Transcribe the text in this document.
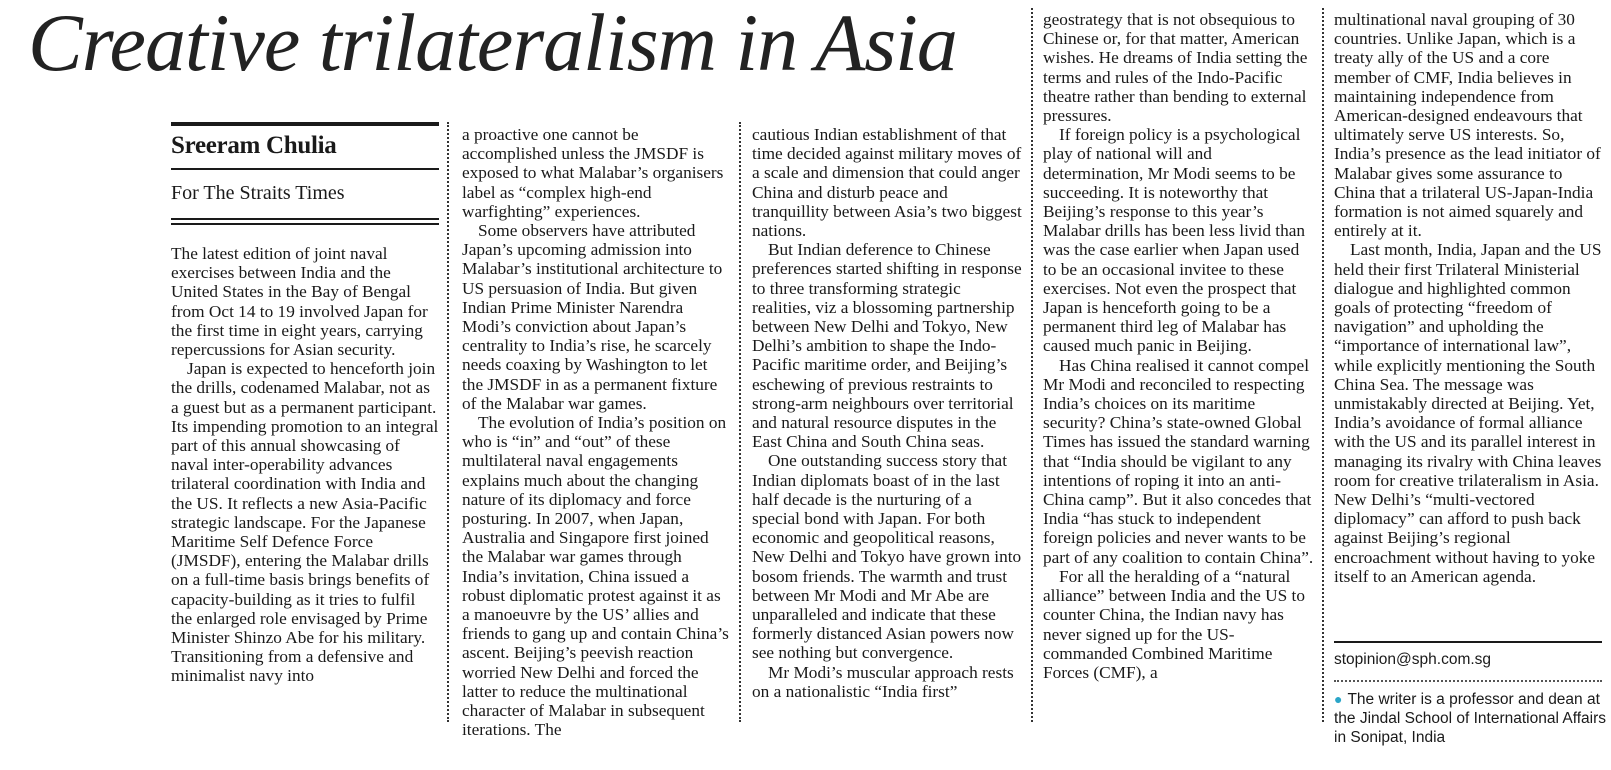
Creative trilateralism in Asia
Sreeram Chulia
For The Straits Times

The latest edition of joint naval exercises between India and the United States in the Bay of Bengal from Oct 14 to 19 involved Japan for the first time in eight years, carrying repercussions for Asian security.

Japan is expected to henceforth join the drills, codenamed Malabar, not as a guest but as a permanent participant. Its impending promotion to an integral part of this annual showcasing of naval inter-operability advances trilateral coordination with India and the US. It reflects a new Asia-Pacific strategic landscape. For the Japanese Maritime Self Defence Force (JMSDF), entering the Malabar drills on a full-time basis brings benefits of capacity-building as it tries to fulfil the enlarged role envisaged by Prime Minister Shinzo Abe for his military. Transitioning from a defensive and minimalist navy into

a proactive one cannot be accomplished unless the JMSDF is exposed to what Malabar’s organisers label as “complex high-end warfighting” experiences.

Some observers have attributed Japan’s upcoming admission into Malabar’s institutional architecture to US persuasion of India. But given Indian Prime Minister Narendra Modi’s conviction about Japan’s centrality to India’s rise, he scarcely needs coaxing by Washington to let the JMSDF in as a permanent fixture of the Malabar war games.

The evolution of India’s position on who is “in” and “out” of these multilateral naval engagements explains much about the changing nature of its diplomacy and force posturing. In 2007, when Japan, Australia and Singapore first joined the Malabar war games through India’s invitation, China issued a robust diplomatic protest against it as a manoeuvre by the US’ allies and friends to gang up and contain China’s ascent. Beijing’s peevish reaction worried New Delhi and forced the latter to reduce the multinational character of Malabar in subsequent iterations. The

cautious Indian establishment of that time decided against military moves of a scale and dimension that could anger China and disturb peace and tranquillity between Asia’s two biggest nations.

But Indian deference to Chinese preferences started shifting in response to three transforming strategic realities, viz a blossoming partnership between New Delhi and Tokyo, New Delhi’s ambition to shape the Indo-Pacific maritime order, and Beijing’s eschewing of previous restraints to strong-arm neighbours over territorial and natural resource disputes in the East China and South China seas.

One outstanding success story that Indian diplomats boast of in the last half decade is the nurturing of a special bond with Japan. For both economic and geopolitical reasons, New Delhi and Tokyo have grown into bosom friends. The warmth and trust between Mr Modi and Mr Abe are unparalleled and indicate that these formerly distanced Asian powers now see nothing but convergence.

Mr Modi’s muscular approach rests on a nationalistic “India first”

geostrategy that is not obsequious to Chinese or, for that matter, American wishes. He dreams of India setting the terms and rules of the Indo-Pacific theatre rather than bending to external pressures.

If foreign policy is a psychological play of national will and determination, Mr Modi seems to be succeeding. It is noteworthy that Beijing’s response to this year’s Malabar drills has been less livid than was the case earlier when Japan used to be an occasional invitee to these exercises. Not even the prospect that Japan is henceforth going to be a permanent third leg of Malabar has caused much panic in Beijing.

Has China realised it cannot compel Mr Modi and reconciled to respecting India’s choices on its maritime security? China’s state-owned Global Times has issued the standard warning that “India should be vigilant to any intentions of roping it into an anti-China camp”. But it also concedes that India “has stuck to independent foreign policies and never wants to be part of any coalition to contain China”.

For all the heralding of a “natural alliance” between India and the US to counter China, the Indian navy has never signed up for the US-commanded Combined Maritime Forces (CMF), a

multinational naval grouping of 30 countries. Unlike Japan, which is a treaty ally of the US and a core member of CMF, India believes in maintaining independence from American-designed endeavours that ultimately serve US interests. So, India’s presence as the lead initiator of Malabar gives some assurance to China that a trilateral US-Japan-India formation is not aimed squarely and entirely at it.

Last month, India, Japan and the US held their first Trilateral Ministerial dialogue and highlighted common goals of protecting “freedom of navigation” and upholding the “importance of international law”, while explicitly mentioning the South China Sea. The message was unmistakably directed at Beijing. Yet, India’s avoidance of formal alliance with the US and its parallel interest in managing its rivalry with China leaves room for creative trilateralism in Asia. New Delhi’s “multi-vectored diplomacy” can afford to push back against Beijing’s regional encroachment without having to yoke itself to an American agenda.

stopinion@sph.com.sg
● The writer is a professor and dean at the Jindal School of International Affairs in Sonipat, India
